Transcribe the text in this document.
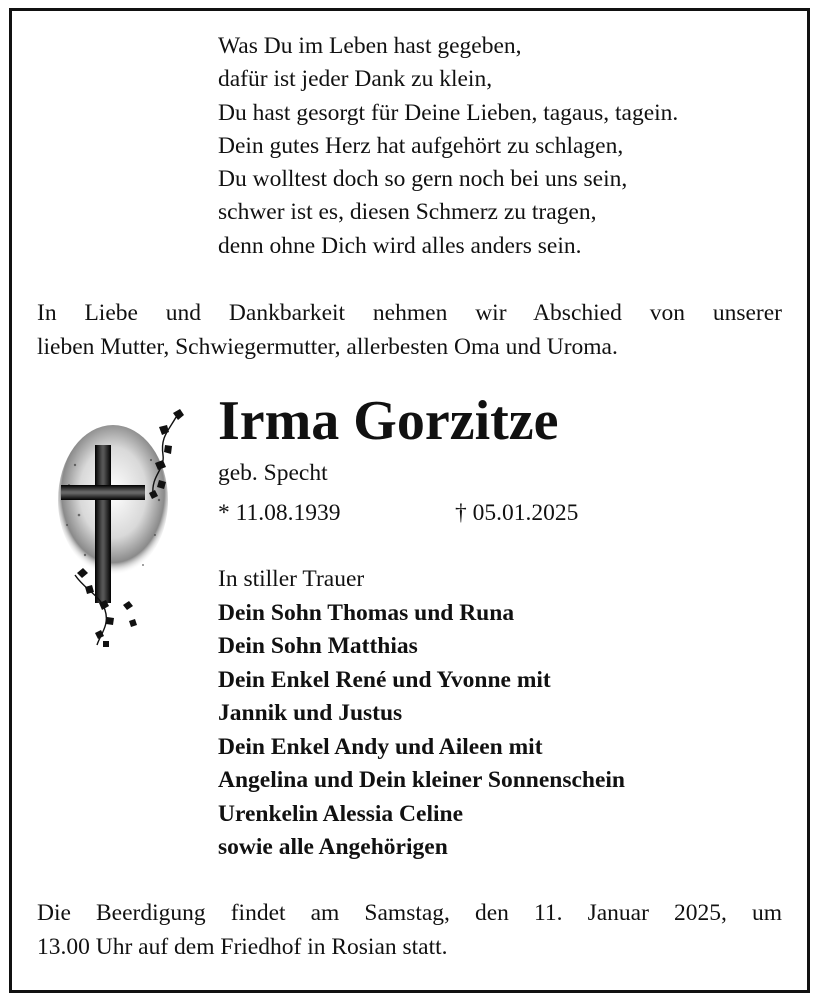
Was Du im Leben hast gegeben,
dafür ist jeder Dank zu klein,
Du hast gesorgt für Deine Lieben, tagaus, tagein.
Dein gutes Herz hat aufgehört zu schlagen,
Du wolltest doch so gern noch bei uns sein,
schwer ist es, diesen Schmerz zu tragen,
denn ohne Dich wird alles anders sein.
In Liebe und Dankbarkeit nehmen wir Abschied von unserer
lieben Mutter, Schwiegermutter, allerbesten Oma und Uroma.
Irma Gorzitze
geb. Specht
* 11.08.1939	† 05.01.2025
In stiller Trauer
Dein Sohn Thomas und Runa
Dein Sohn Matthias
Dein Enkel René und Yvonne mit
Jannik und Justus
Dein Enkel Andy und Aileen mit
Angelina und Dein kleiner Sonnenschein
Urenkelin Alessia Celine
sowie alle Angehörigen
Die Beerdigung findet am Samstag, den 11. Januar 2025, um
13.00 Uhr auf dem Friedhof in Rosian statt.
